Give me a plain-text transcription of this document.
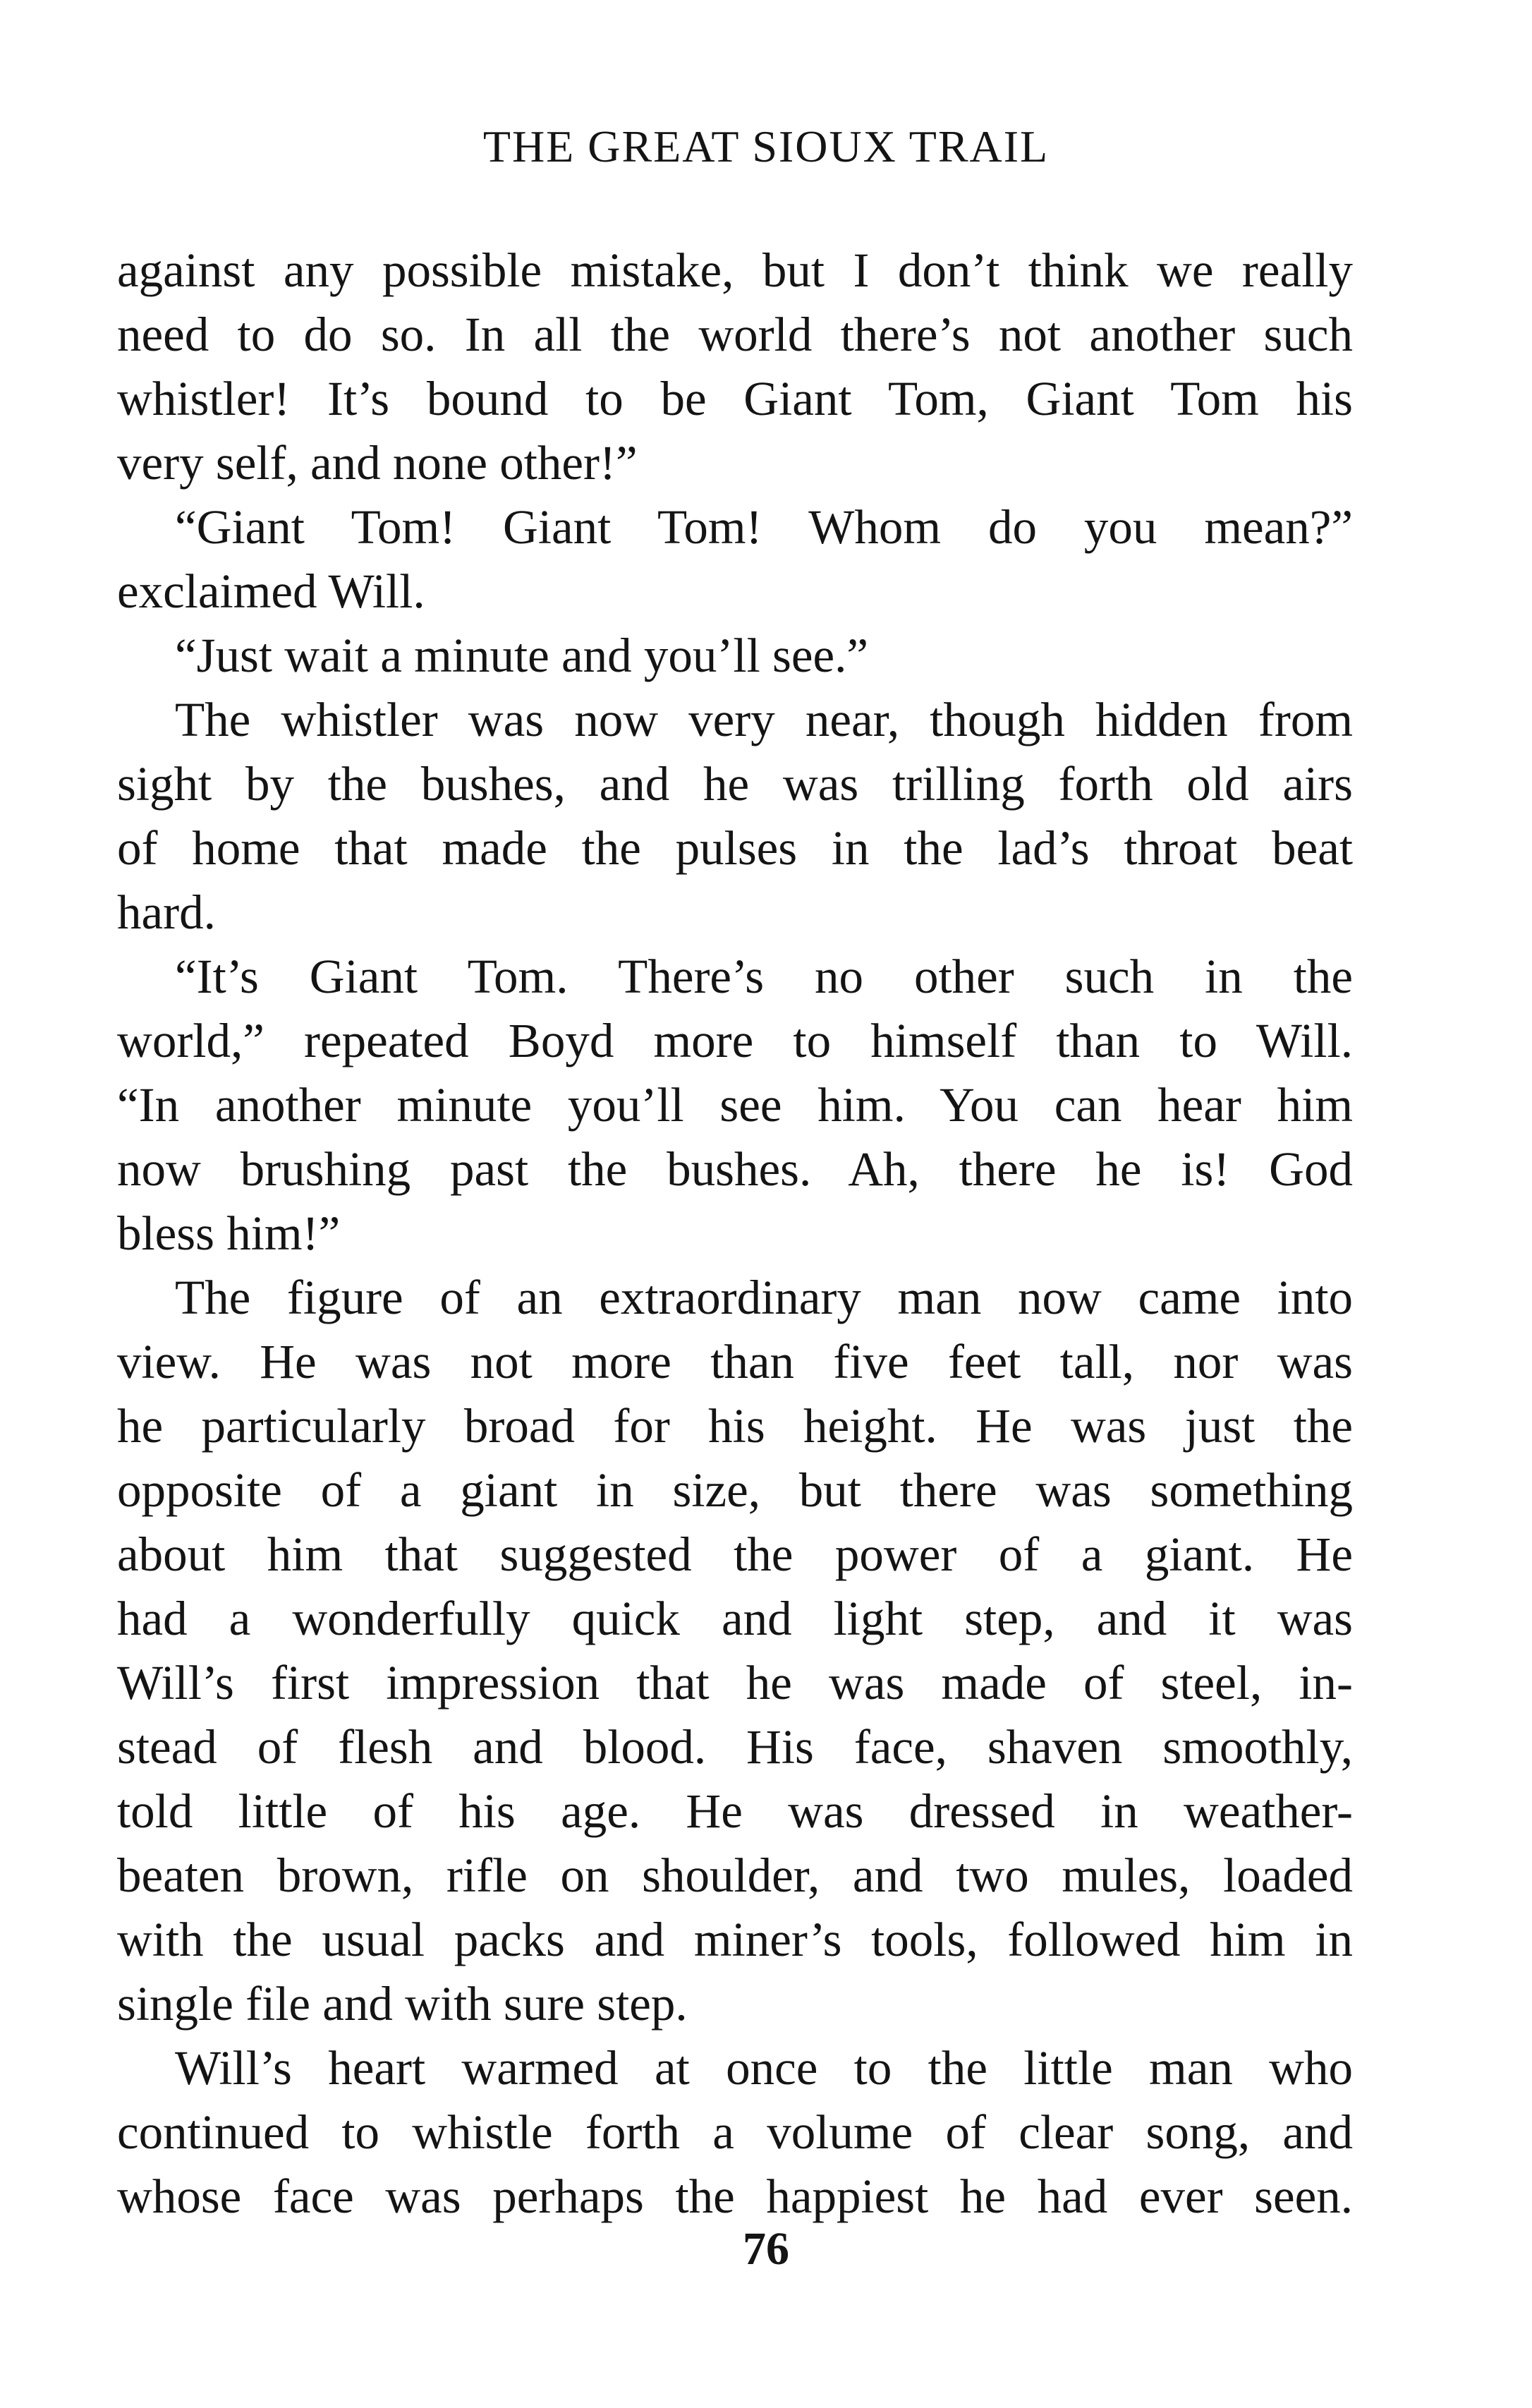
THE GREAT SIOUX TRAIL

against any possible mistake, but I don’t think we really

need to do so. In all the world there’s not another such

whistler! It’s bound to be Giant Tom, Giant Tom his

very self, and none other!”

“Giant Tom! Giant Tom! Whom do you mean?”

exclaimed Will.

“Just wait a minute and you’ll see.”

The whistler was now very near, though hidden from

sight by the bushes, and he was trilling forth old airs

of home that made the pulses in the lad’s throat beat

hard.

“It’s Giant Tom. There’s no other such in the

world,” repeated Boyd more to himself than to Will.

“In another minute you’ll see him. You can hear him

now brushing past the bushes. Ah, there he is! God

bless him!”

The figure of an extraordinary man now came into

view. He was not more than five feet tall, nor was

he particularly broad for his height. He was just the

opposite of a giant in size, but there was something

about him that suggested the power of a giant. He

had a wonderfully quick and light step, and it was

Will’s first impression that he was made of steel, in-

stead of flesh and blood. His face, shaven smoothly,

told little of his age. He was dressed in weather-

beaten brown, rifle on shoulder, and two mules, loaded

with the usual packs and miner’s tools, followed him in

single file and with sure step.

Will’s heart warmed at once to the little man who

continued to whistle forth a volume of clear song, and

whose face was perhaps the happiest he had ever seen.

76
